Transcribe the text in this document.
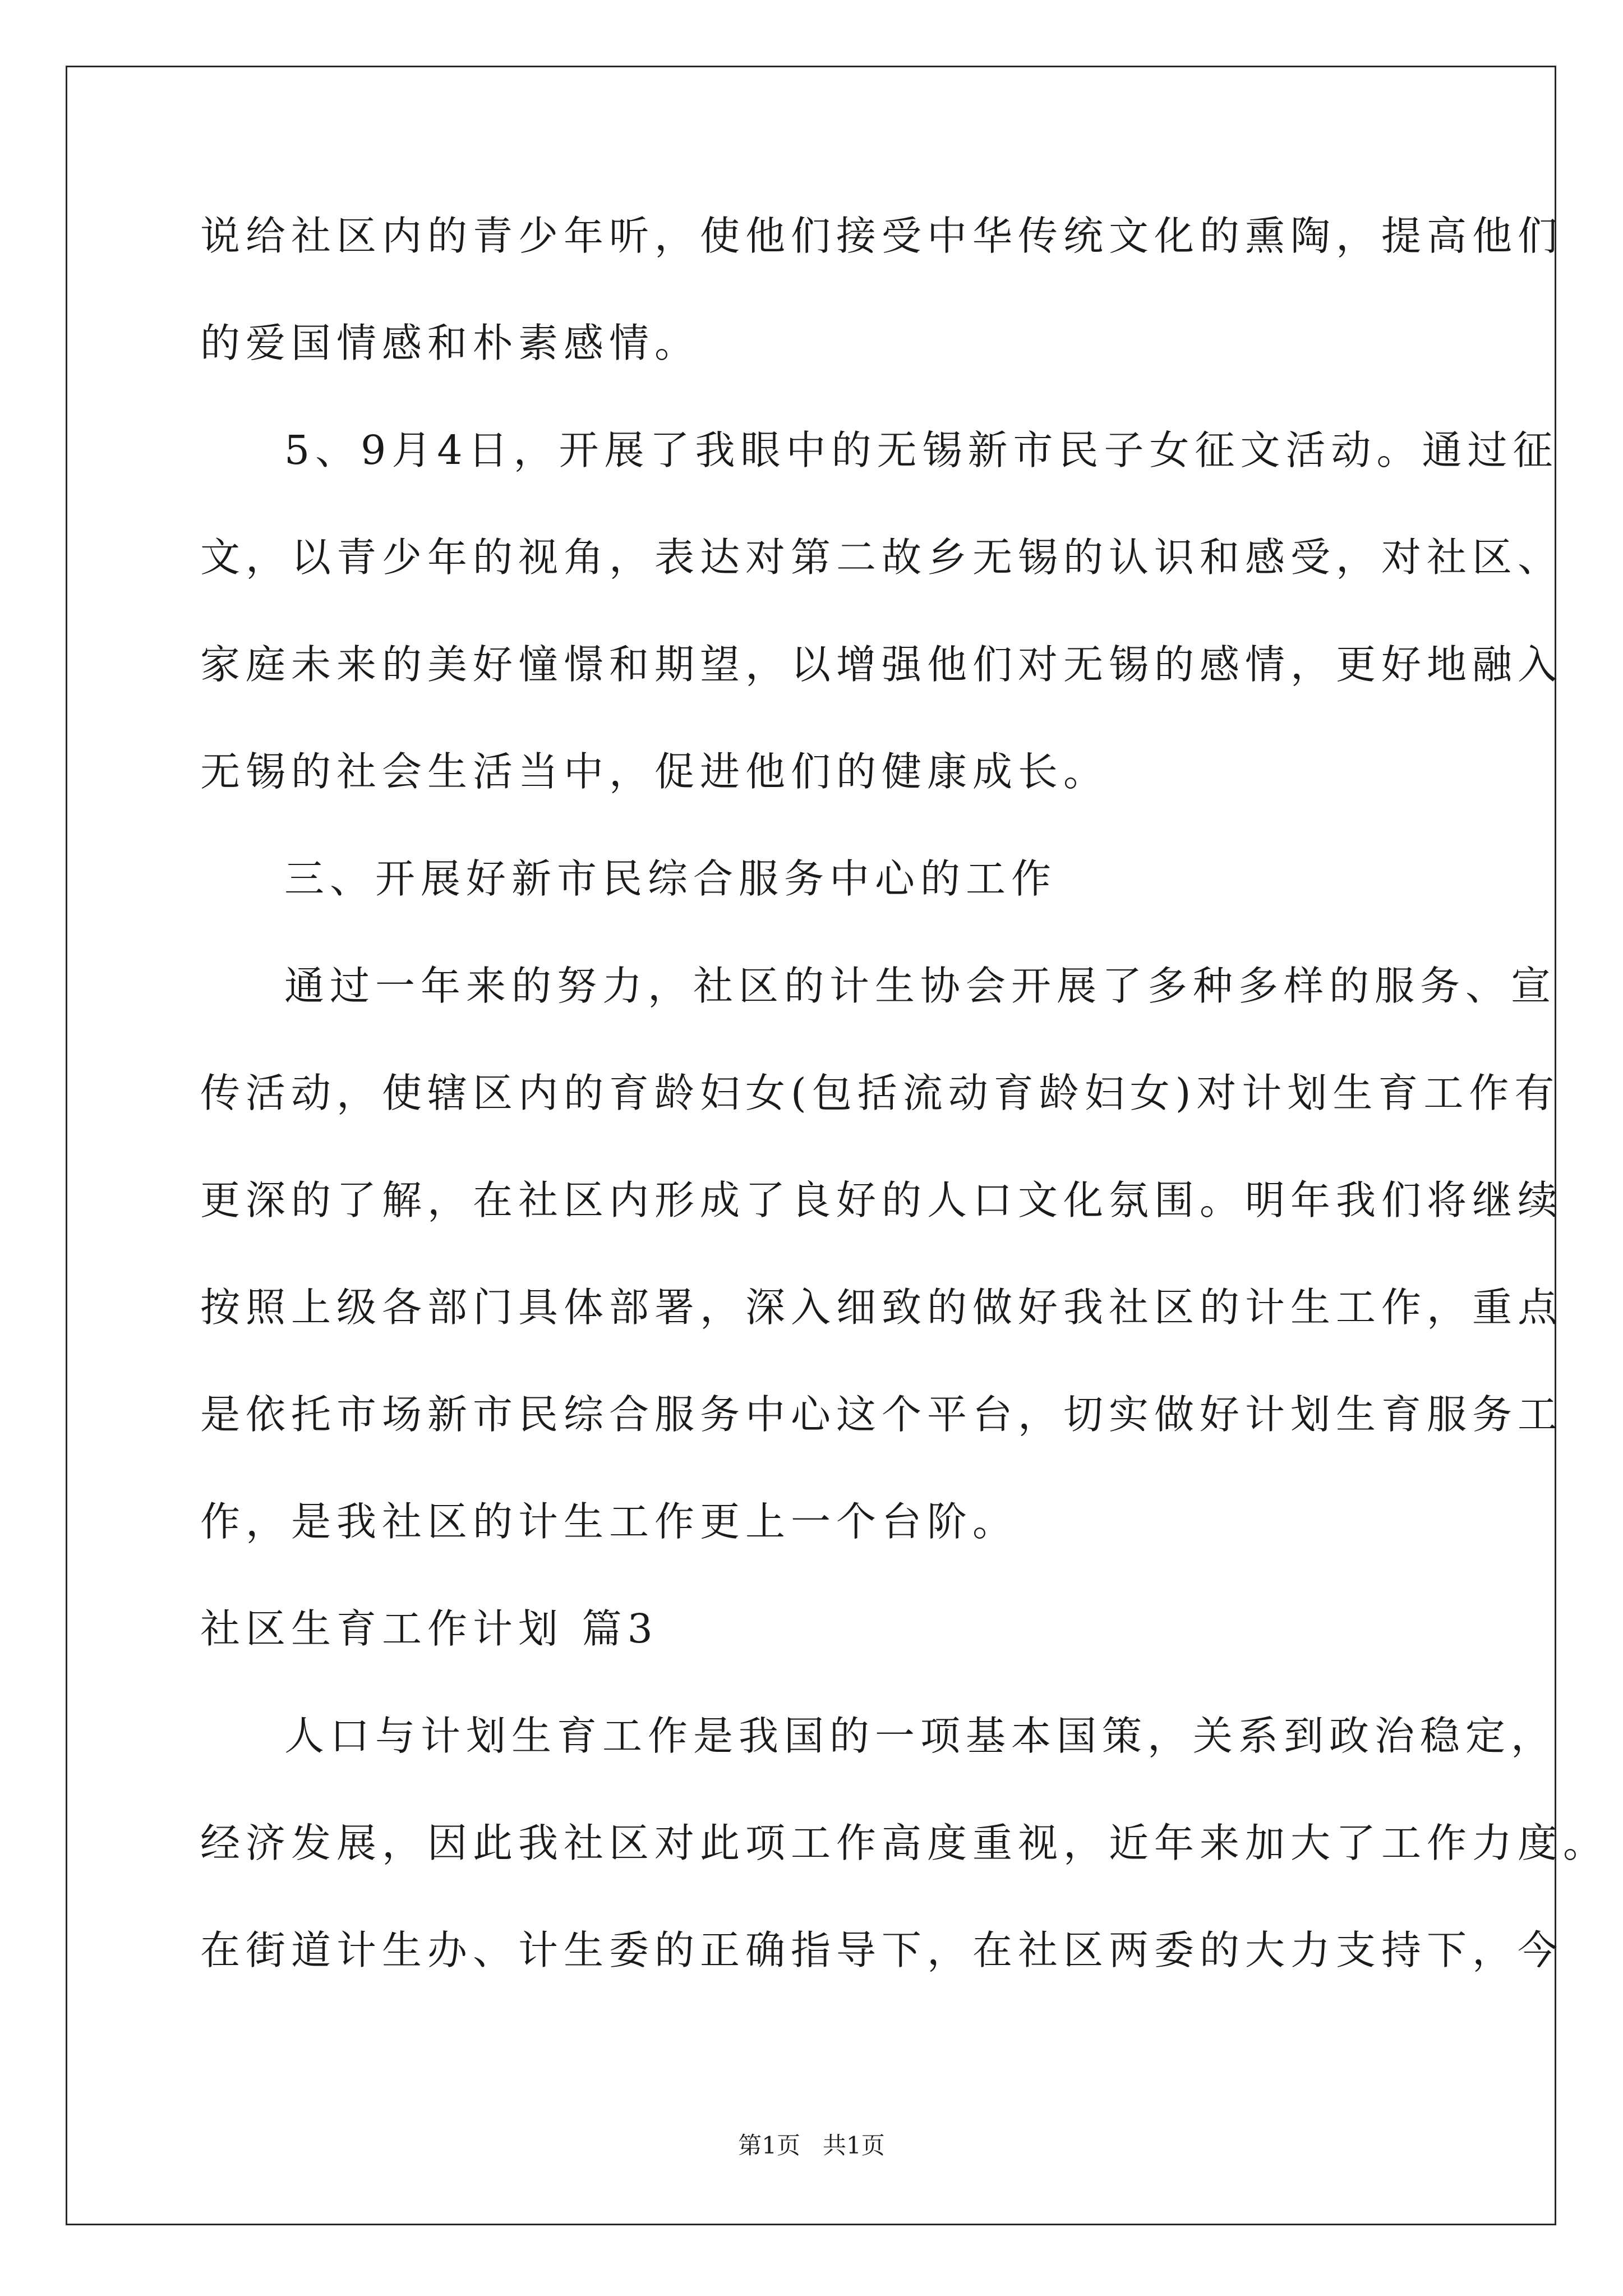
说给社区内的青少年听，使他们接受中华传统文化的熏陶，提高他们
的爱国情感和朴素感情。
5、9月4日，开展了我眼中的无锡新市民子女征文活动。通过征
文，以青少年的视角，表达对第二故乡无锡的认识和感受，对社区、
家庭未来的美好憧憬和期望，以增强他们对无锡的感情，更好地融入
无锡的社会生活当中，促进他们的健康成长。
三、开展好新市民综合服务中心的工作
通过一年来的努力，社区的计生协会开展了多种多样的服务、宣
传活动，使辖区内的育龄妇女(包括流动育龄妇女)对计划生育工作有
更深的了解，在社区内形成了良好的人口文化氛围。明年我们将继续
按照上级各部门具体部署，深入细致的做好我社区的计生工作，重点
是依托市场新市民综合服务中心这个平台，切实做好计划生育服务工
作，是我社区的计生工作更上一个台阶。
社区生育工作计划 篇3
人口与计划生育工作是我国的一项基本国策，关系到政治稳定，
经济发展，因此我社区对此项工作高度重视，近年来加大了工作力度。
在街道计生办、计生委的正确指导下，在社区两委的大力支持下，今
第1页   共1页
